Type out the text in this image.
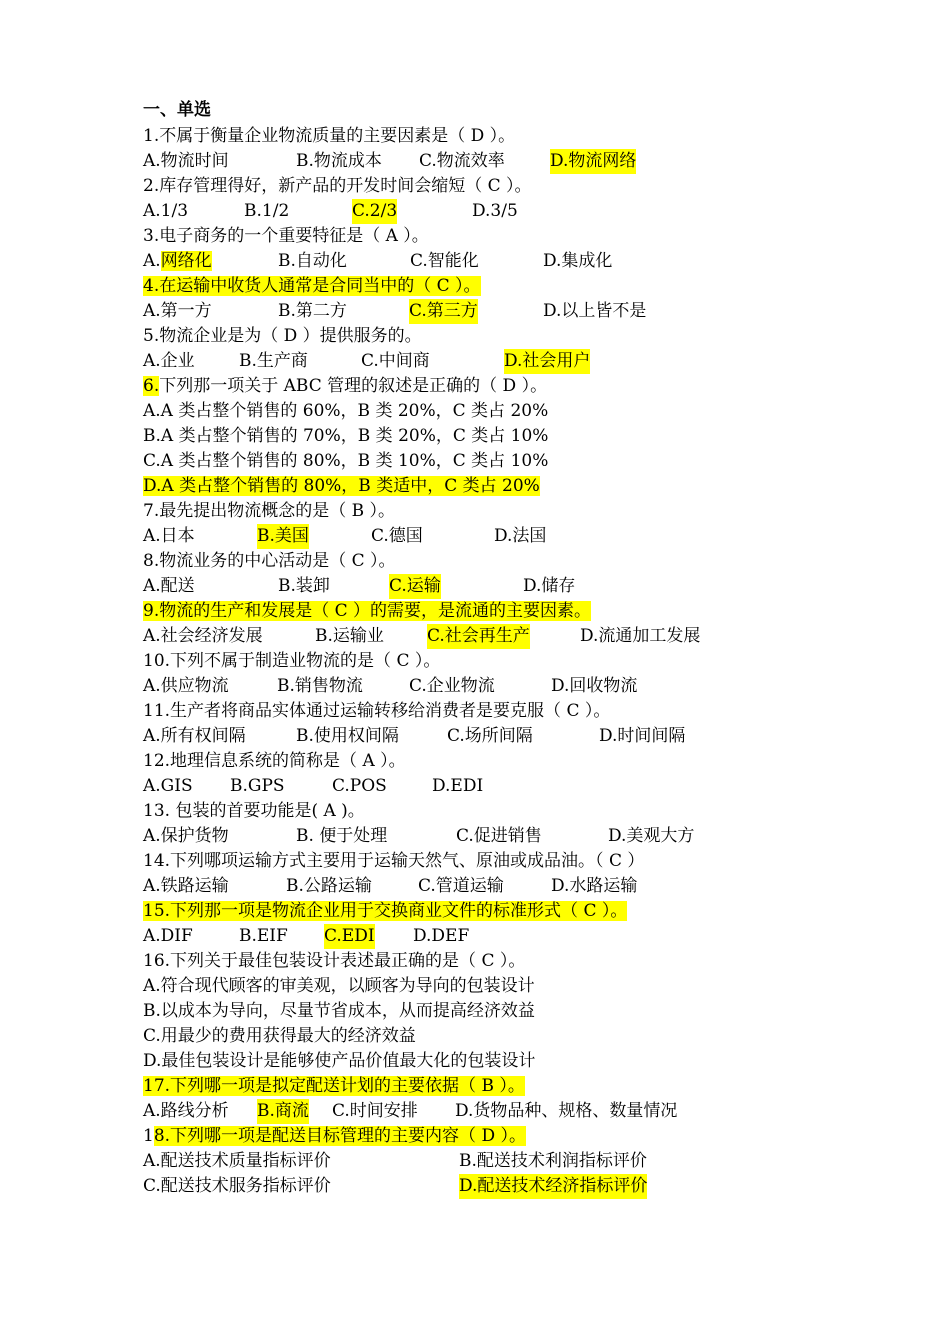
一、单选
1.不属于衡量企业物流质量的主要因素是（ D ）。
A.物流时间	B.物流成本 C.物流效率	D.物流网络
2.库存管理得好，新产品的开发时间会缩短（ C ）。
A.1/3	B.1/2	C.2/3	D.3/5
3.电子商务的一个重要特征是（ A ）。
A.网络化	B.自动化	C.智能化	D.集成化
4.在运输中收货人通常是合同当中的（ C ）。
A.第一方	B.第二方	C.第三方	D.以上皆不是
5.物流企业是为（ D ）提供服务的。
A.企业	B.生产商	C.中间商	D.社会用户
6.下列那一项关于 ABC 管理的叙述是正确的（ D ）。
A.A 类占整个销售的 60%，B 类 20%，C 类占 20%
B.A 类占整个销售的 70%，B 类 20%，C 类占 10%
C.A 类占整个销售的 80%，B 类 10%，C 类占 10%
D.A 类占整个销售的 80%，B 类适中，C 类占 20%
7.最先提出物流概念的是（ B ）。
A.日本	B.美国	C.德国	D.法国
8.物流业务的中心活动是（ C ）。
A.配送	B.装卸	C.运输	D.储存
9.物流的生产和发展是（ C ）的需要，是流通的主要因素。
A.社会经济发展	B.运输业	C.社会再生产	D.流通加工发展
10.下列不属于制造业物流的是（ C ）。
A.供应物流	B.销售物流	C.企业物流	D.回收物流
11.生产者将商品实体通过运输转移给消费者是要克服（ C ）。
A.所有权间隔	B.使用权间隔	C.场所间隔	D.时间间隔
12.地理信息系统的简称是（ A ）。
A.GIS B.GPS	C.POS	D.EDI
13. 包装的首要功能是( A )。
A.保护货物	B. 便于处理	C.促进销售	D.美观大方
14.下列哪项运输方式主要用于运输天然气、原油或成品油。（ C ）
A.铁路运输	B.公路运输	C.管道运输	D.水路运输
15.下列那一项是物流企业用于交换商业文件的标准形式（ C ）。
A.DIF	B.EIF C.EDI D.DEF
16.下列关于最佳包装设计表述最正确的是（ C ）。
A.符合现代顾客的审美观，以顾客为导向的包装设计
B.以成本为导向，尽量节省成本，从而提高经济效益
C.用最少的费用获得最大的经济效益
D.最佳包装设计是能够使产品价值最大化的包装设计
17.下列哪一项是拟定配送计划的主要依据（ B ）。
A.路线分析 B.商流 C.时间安排 D.货物品种、规格、数量情况
18.下列哪一项是配送目标管理的主要内容（ D ）。
A.配送技术质量指标评价	B.配送技术利润指标评价
C.配送技术服务指标评价	D.配送技术经济指标评价
